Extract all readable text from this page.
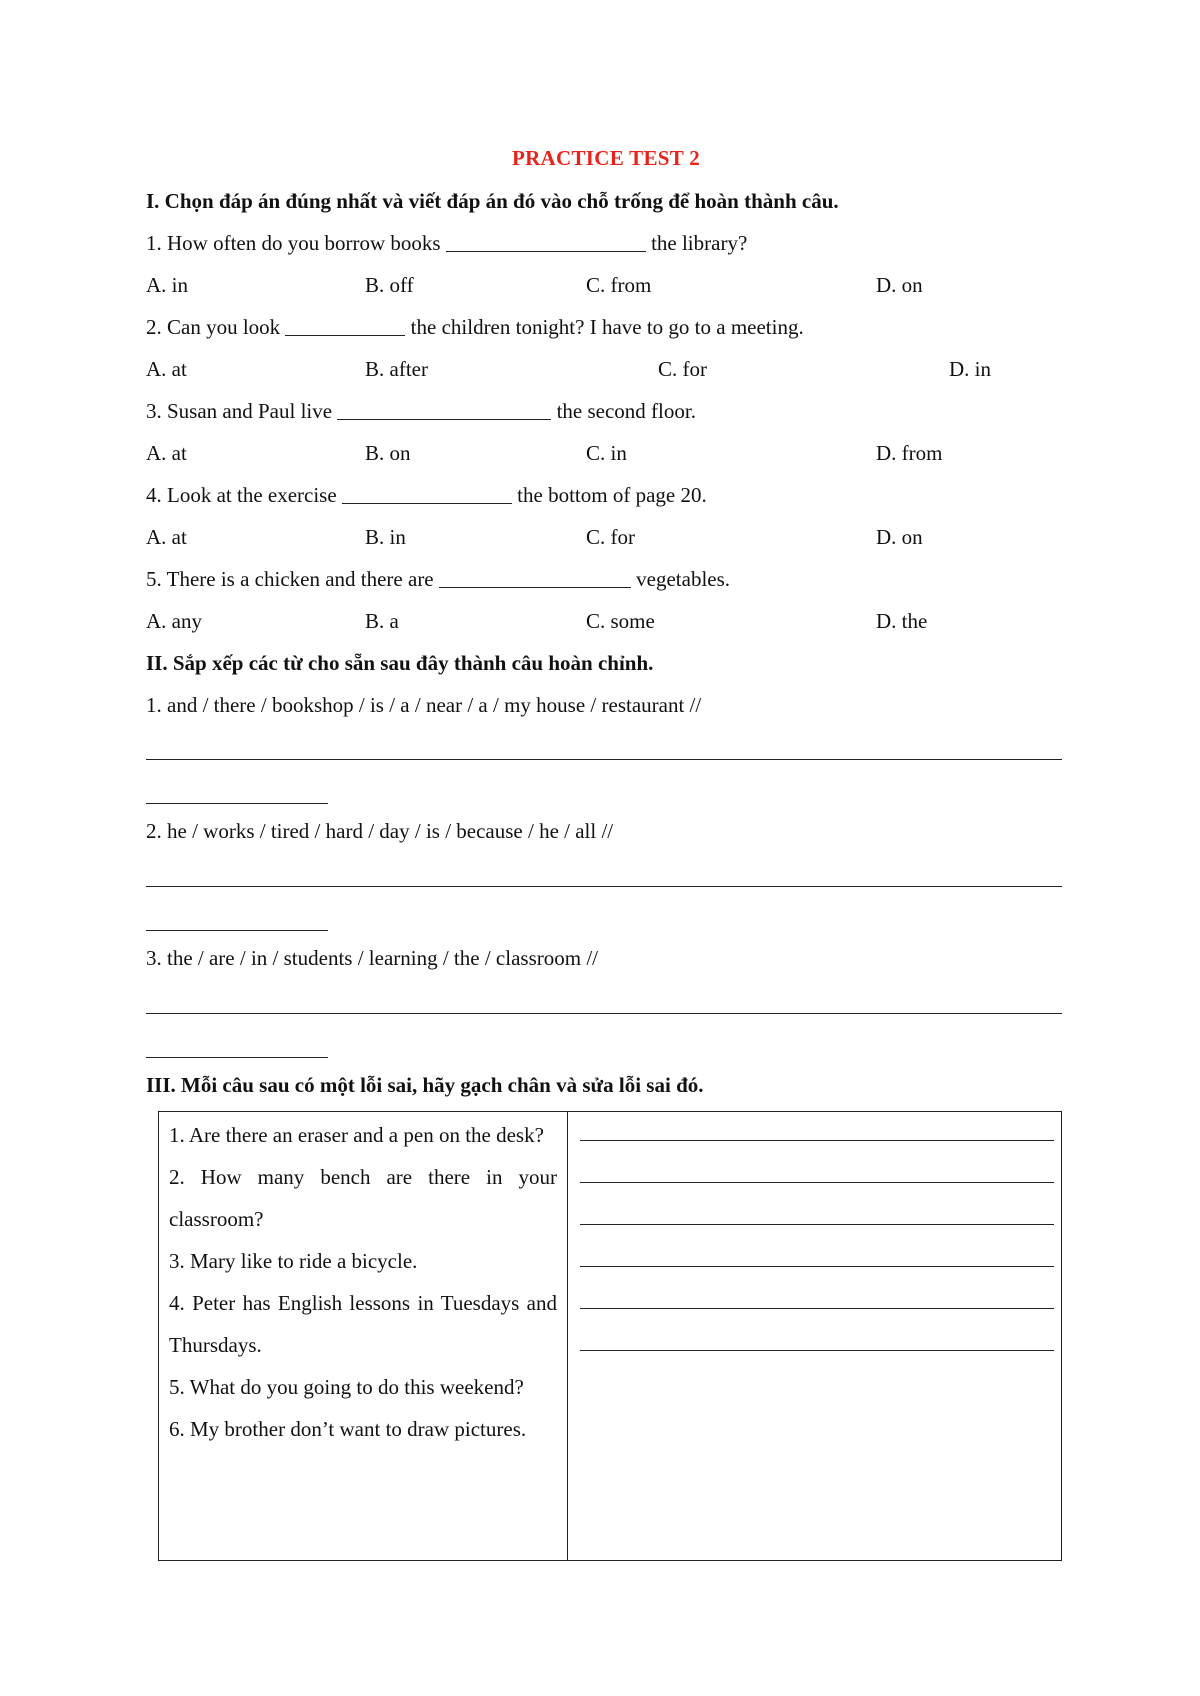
PRACTICE TEST 2
I. Chọn đáp án đúng nhất và viết đáp án đó vào chỗ trống để hoàn thành câu.
1. How often do you borrow books	the library?
A. in	B. off	C. from	D. on
2. Can you look	the children tonight? I have to go to a meeting.
A. at	B. after	C. for	D. in
3. Susan and Paul live	the second floor.
A. at	B. on	C. in	D. from
4. Look at the exercise	the bottom of page 20.
A. at	B. in	C. for	D. on
5. There is a chicken and there are	vegetables.
A. any	B. a	C. some	D. the
II. Sắp xếp các từ cho sẵn sau đây thành câu hoàn chỉnh.
1. and / there / bookshop / is / a / near / a / my house / restaurant //
2. he / works / tired / hard / day / is / because / he / all //
3. the / are / in / students / learning / the / classroom //
III. Mỗi câu sau có một lỗi sai, hãy gạch chân và sửa lỗi sai đó.

1. Are there an eraser and a pen on the desk?

2. How many bench are there in your classroom?

3. Mary like to ride a bicycle.

4. Peter has English lessons in Tuesdays and Thursdays.

5. What do you going to do this weekend?

6. My brother don’t want to draw pictures.
